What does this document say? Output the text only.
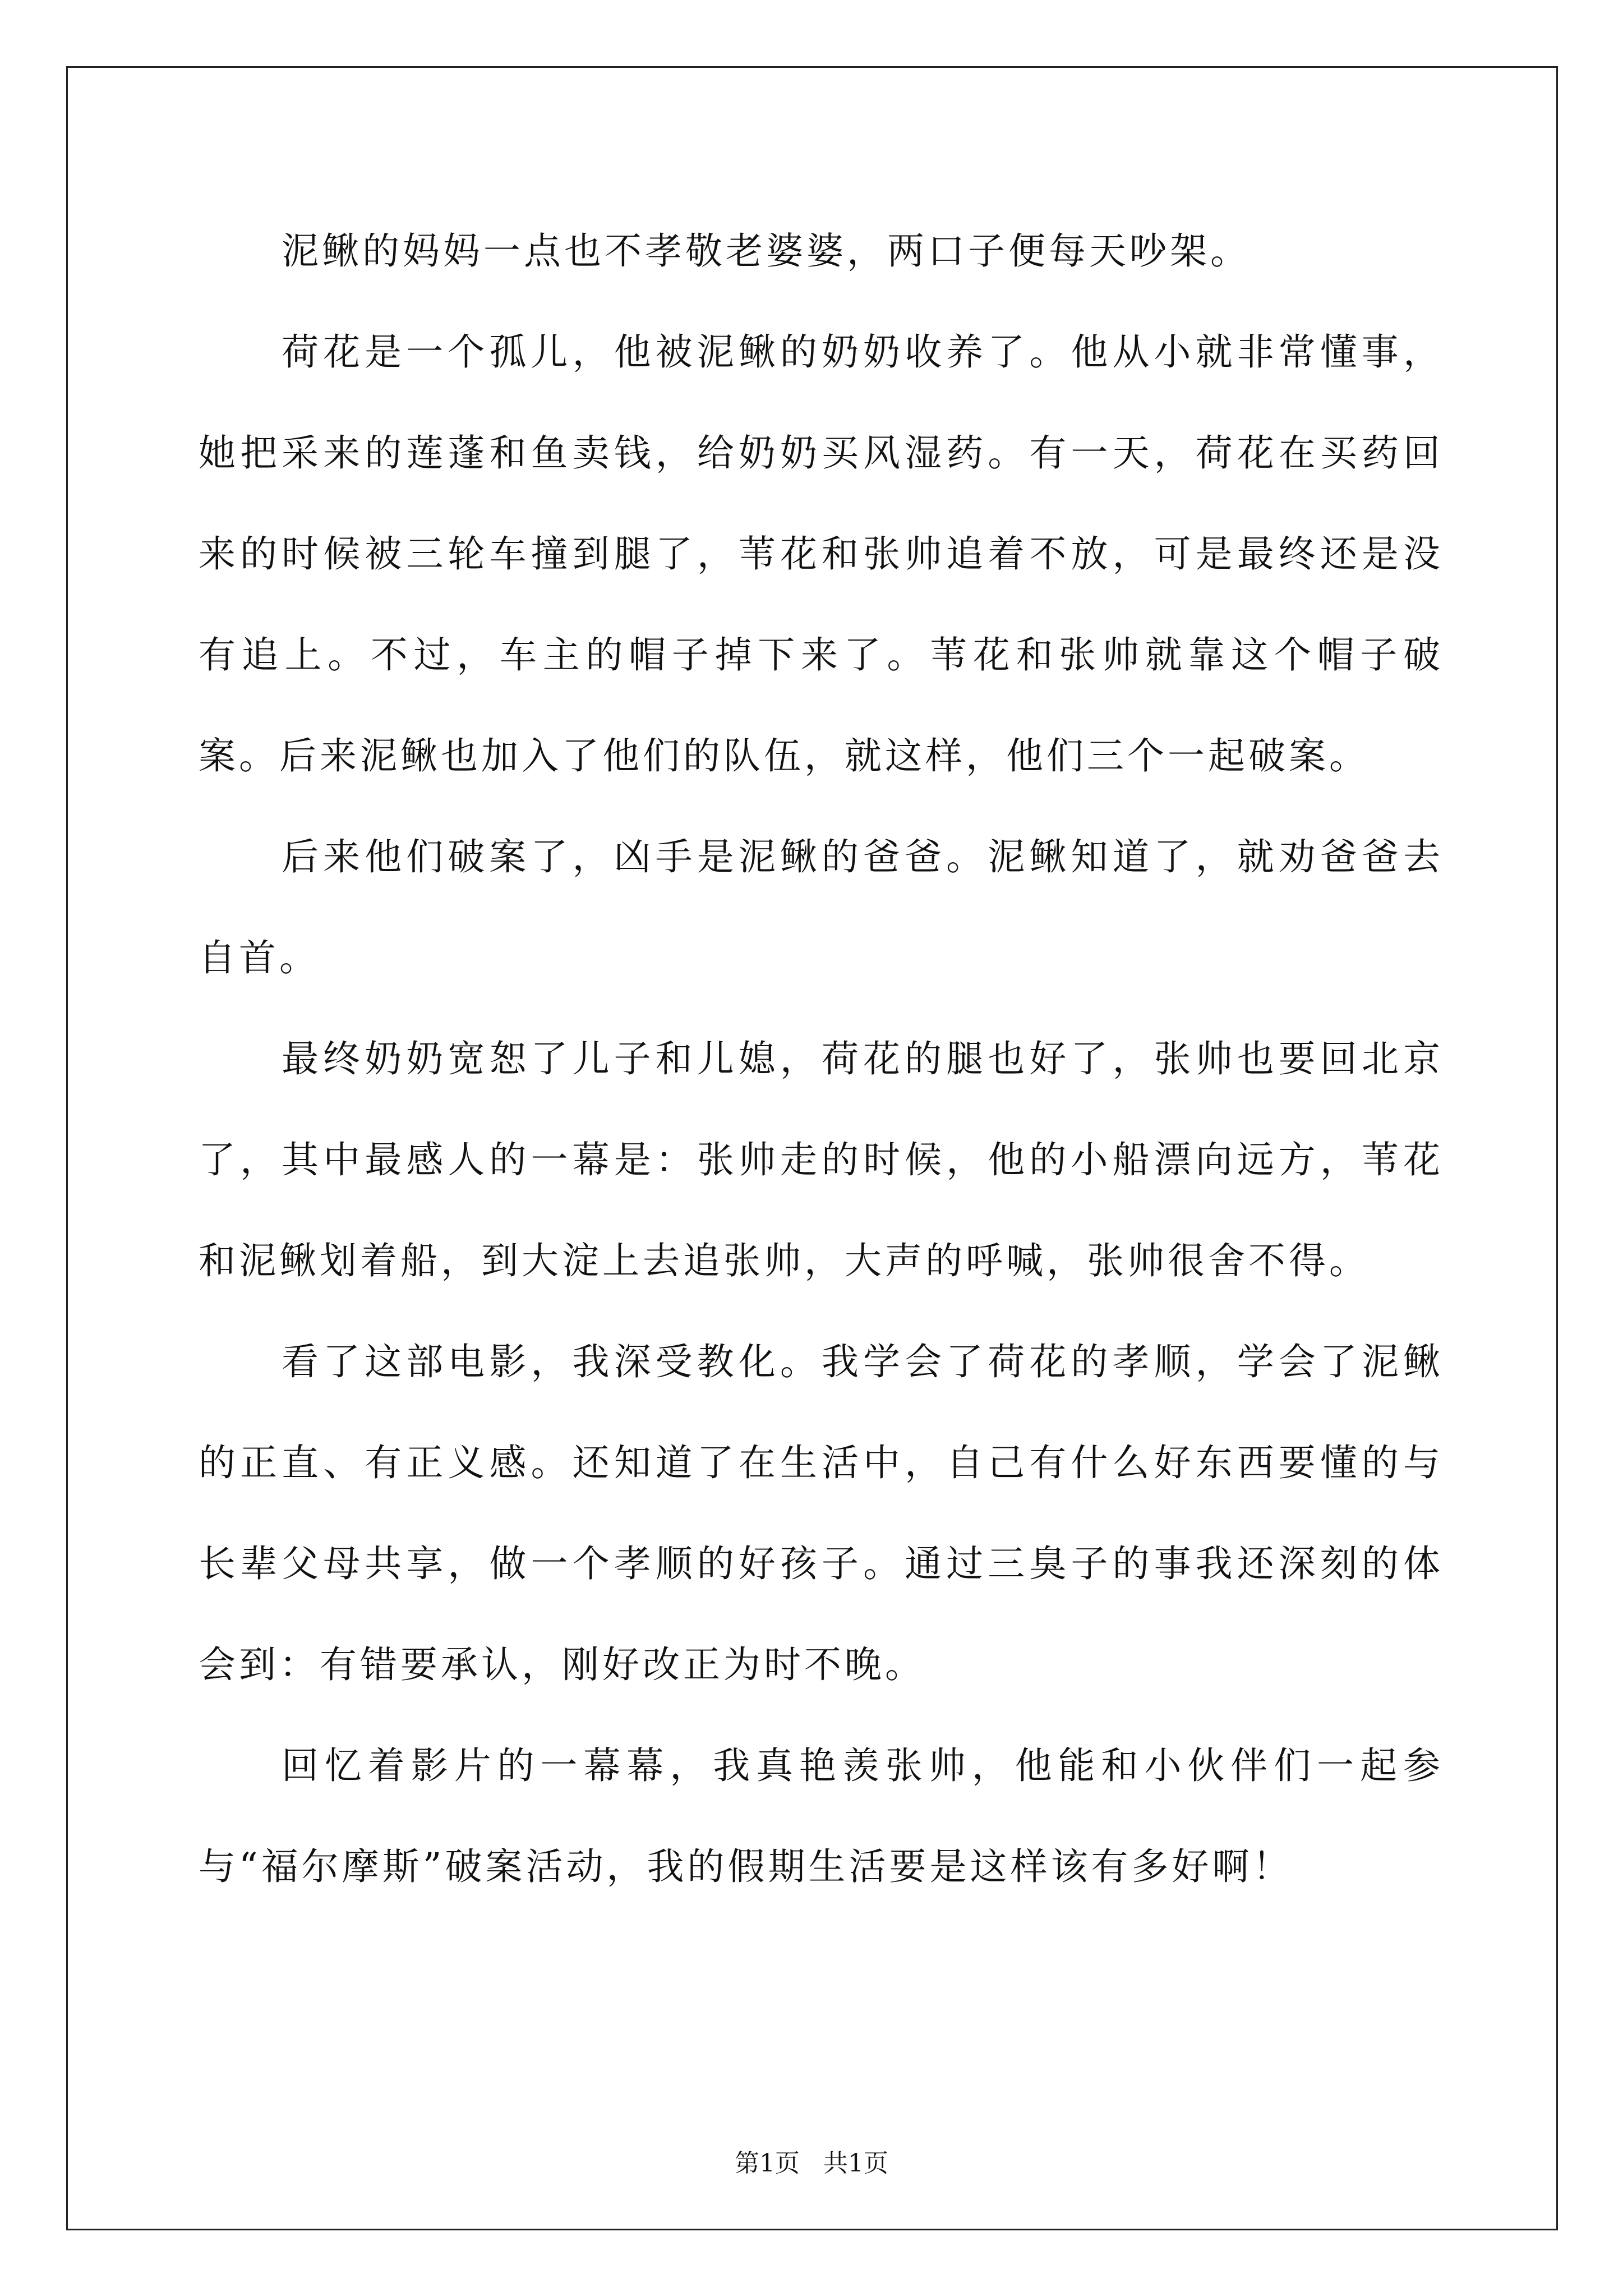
泥鳅的妈妈一点也不孝敬老婆婆，两口子便每天吵架。

荷花是一个孤儿，他被泥鳅的奶奶收养了。他从小就非常懂事，她把采来的莲蓬和鱼卖钱，给奶奶买风湿药。有一天，荷花在买药回来的时候被三轮车撞到腿了，苇花和张帅追着不放，可是最终还是没有追上。不过，车主的帽子掉下来了。苇花和张帅就靠这个帽子破案。后来泥鳅也加入了他们的队伍，就这样，他们三个一起破案。

后来他们破案了，凶手是泥鳅的爸爸。泥鳅知道了，就劝爸爸去自首。

最终奶奶宽恕了儿子和儿媳，荷花的腿也好了，张帅也要回北京了，其中最感人的一幕是：张帅走的时候，他的小船漂向远方，苇花和泥鳅划着船，到大淀上去追张帅，大声的呼喊，张帅很舍不得。

看了这部电影，我深受教化。我学会了荷花的孝顺，学会了泥鳅的正直、有正义感。还知道了在生活中，自己有什么好东西要懂的与长辈父母共享，做一个孝顺的好孩子。通过三臭子的事我还深刻的体会到：有错要承认，刚好改正为时不晚。

回忆着影片的一幕幕，我真艳羡张帅，他能和小伙伴们一起参与“福尔摩斯”破案活动，我的假期生活要是这样该有多好啊！

第1页 共1页
